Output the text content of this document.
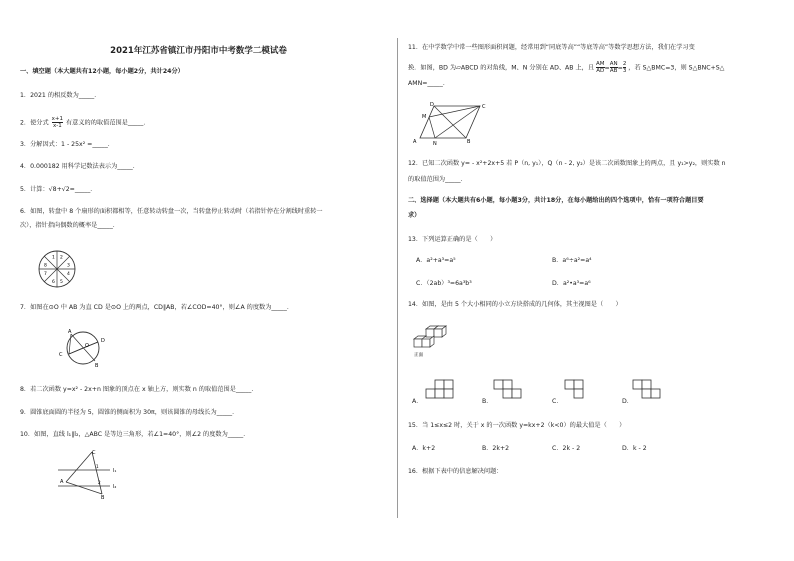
2021年江苏省镇江市丹阳市中考数学二模试卷
一、填空题（本大题共有12小题，每小题2分，共计24分）
1．2021 的相反数为_____．
2．使分式 $\frac{x+1}{x-1}$ 有意义的的取值范围是_____．
3．分解因式：1 - 25x² =_____．
4．0.000182 用科学记数法表示为_____．
5．计算：√8+√2=_____．
6．如图，转盘中 8 个扇形的面积都相等，任意转动转盘一次，当转盘停止转动时（若指针停在分割线时重转一
次），指针指向偶数的概率是_____．
1 2
3
4
5
6
7
8
7．如图在⊙O 中 AB 为直 CD 是⊙O 上的两点，CD∥AB，若∠COD=40°，则∠A 的度数为_____．
A
O
C
D
B
8．若二次函数 y=x² - 2x+n 图象的顶点在 x 轴上方，则实数 n 的取值范围是_____．
9．圆锥底面圆的半径为 5，圆锥的侧面积为 30π，则该圆锥的母线长为_____．
10．如图，直线 l₁∥l₂，△ABC 是等边三角形，若∠1=40°，则∠2 的度数为_____．
C
A
l₁
l₂
1
2
B
11．在中学数学中常一些图形面积问题，经常用到“同底等高”“等底等高”等数学思想方法，我们在学习变
换．如图，BD 为▱ABCD 的对角线，M、N 分别在 AD、AB 上，且 $\frac{AM}{AD} = \frac{AN}{AB} = \frac{2}{3}$ ，若 S△BMC=3，则 S△BNC+S△
AMN=_____．
D	C
M
A	N	B
12．已知二次函数 y= - x²+2x+5 若 P（n, y₁），Q（n - 2, y₂）是该二次函数图象上的两点，且 y₁>y₂，则实数 n
的取值范围为_____．
二、选择题（本大题共有6小题，每小题3分，共计18分，在每小题给出的四个选项中，恰有一项符合题目要
求）
13．下列运算正确的是（　　）
A．a²+a³=a⁵	B．a⁶÷a²=a⁴
C．（2ab）³=6a³b³	D．a²•a³=a⁶
14．如图，是由 5 个大小相同的小立方块搭成的几何体，其主视图是（　　）
正面
A．	B．	C．	D．
15．当 1≤x≤2 时，关于 x 的一次函数 y=kx+2（k<0）的最大值是（　　）
A．k+2	B．2k+2	C．2k - 2	D．k - 2
16．根据下表中的信息解决问题：
